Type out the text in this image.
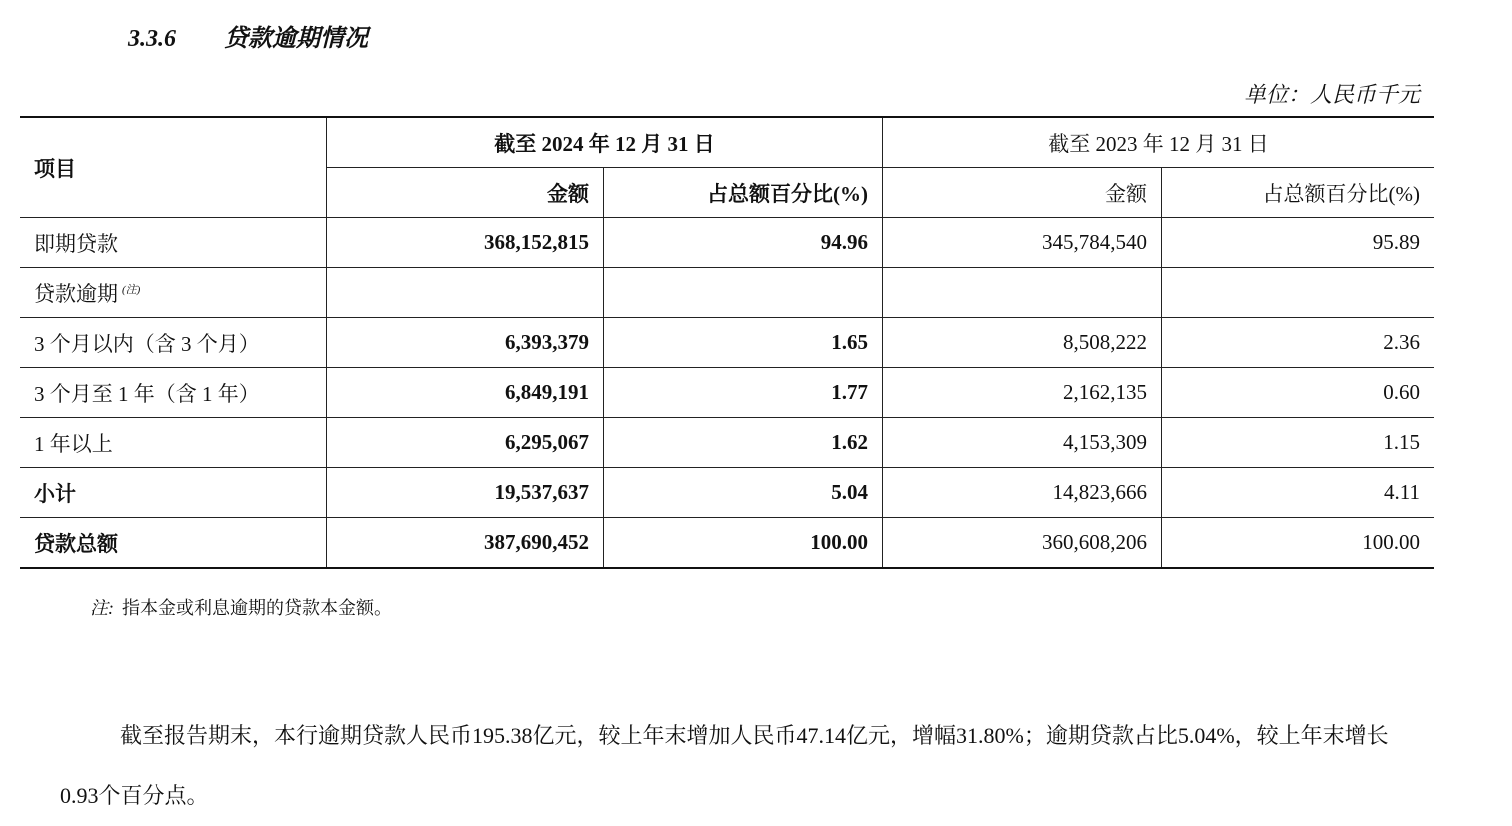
3.3.6 贷款逾期情况
单位：人民币千元
项目	截至 2024 年 12 月 31 日		截至 2023 年 12 月 31 日	
	金额	占总额百分比(%)	金额	占总额百分比(%)
即期贷款	368,152,815	94.96	345,784,540	95.89
贷款逾期 $^{(注)}$				
3 个月以内（含 3 个月）	6,393,379	1.65	8,508,222	2.36
3 个月至 1 年（含 1 年）	6,849,191	1.77	2,162,135	0.60
1 年以上	6,295,067	1.62	4,153,309	1.15
小计	19,537,637	5.04	14,823,666	4.11
贷款总额	387,690,452	100.00	360,608,206	100.00
注: 指本金或利息逾期的贷款本金额。
截至报告期末，本行逾期贷款人民币195.38亿元，较上年末增加人民币47.14亿元，增幅31.80%；逾期贷款占比5.04%，较上年末增长0.93个百分点。
